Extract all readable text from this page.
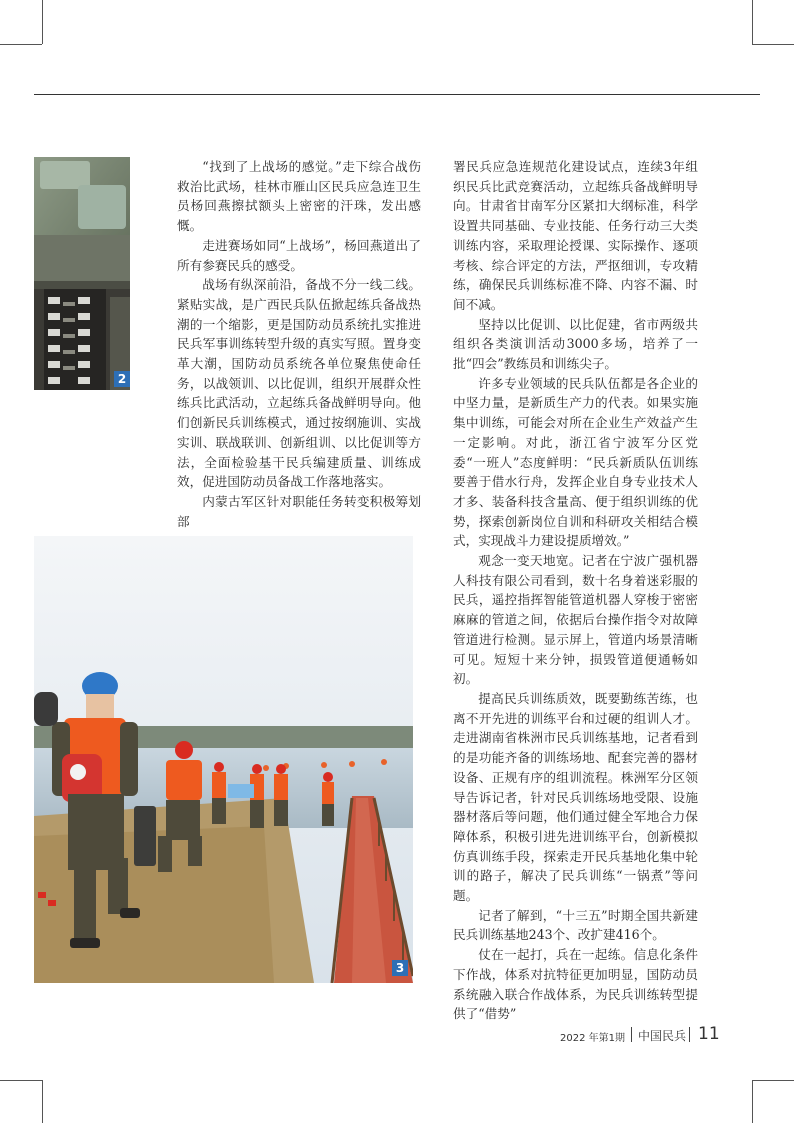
2

“找到了上战场的感觉。”走下综合战伤救治比武场，桂林市雁山区民兵应急连卫生员杨回燕擦拭额头上密密的汗珠，发出感慨。

走进赛场如同“上战场”，杨回燕道出了所有参赛民兵的感受。

战场有纵深前沿，备战不分一线二线。紧贴实战，是广西民兵队伍掀起练兵备战热潮的一个缩影，更是国防动员系统扎实推进民兵军事训练转型升级的真实写照。置身变革大潮，国防动员系统各单位聚焦使命任务，以战领训、以比促训，组织开展群众性练兵比武活动，立起练兵备战鲜明导向。他们创新民兵训练模式，通过按纲施训、实战实训、联战联训、创新组训、以比促训等方法，全面检验基干民兵编建质量、训练成效，促进国防动员备战工作落地落实。

内蒙古军区针对职能任务转变积极筹划部

署民兵应急连规范化建设试点，连续3年组织民兵比武竞赛活动，立起练兵备战鲜明导向。甘肃省甘南军分区紧扣大纲标准，科学设置共同基础、专业技能、任务行动三大类训练内容，采取理论授课、实际操作、逐项考核、综合评定的方法，严抠细训，专攻精练，确保民兵训练标准不降、内容不漏、时间不减。

坚持以比促训、以比促建，省市两级共组织各类演训活动3000多场，培养了一批“四会”教练员和训练尖子。

许多专业领域的民兵队伍都是各企业的中坚力量，是新质生产力的代表。如果实施集中训练，可能会对所在企业生产效益产生一定影响。对此，浙江省宁波军分区党委“一班人”态度鲜明：“民兵新质队伍训练要善于借水行舟，发挥企业自身专业技术人才多、装备科技含量高、便于组织训练的优势，探索创新岗位自训和科研攻关相结合模式，实现战斗力建设提质增效。”

观念一变天地宽。记者在宁波广强机器人科技有限公司看到，数十名身着迷彩服的民兵，遥控指挥智能管道机器人穿梭于密密麻麻的管道之间，依据后台操作指令对故障管道进行检测。显示屏上，管道内场景清晰可见。短短十来分钟，损毁管道便通畅如初。

提高民兵训练质效，既要勤练苦练，也离不开先进的训练平台和过硬的组训人才。走进湖南省株洲市民兵训练基地，记者看到的是功能齐备的训练场地、配套完善的器材设备、正规有序的组训流程。株洲军分区领导告诉记者，针对民兵训练场地受限、设施器材落后等问题，他们通过健全军地合力保障体系，积极引进先进训练平台，创新模拟仿真训练手段，探索走开民兵基地化集中轮训的路子，解决了民兵训练“一锅煮”等问题。

记者了解到，“十三五”时期全国共新建民兵训练基地243个、改扩建416个。

仗在一起打，兵在一起练。信息化条件下作战，体系对抗特征更加明显，国防动员系统融入联合作战体系，为民兵训练转型提供了“借势”

3
2022 年第1期 中国民兵 11
